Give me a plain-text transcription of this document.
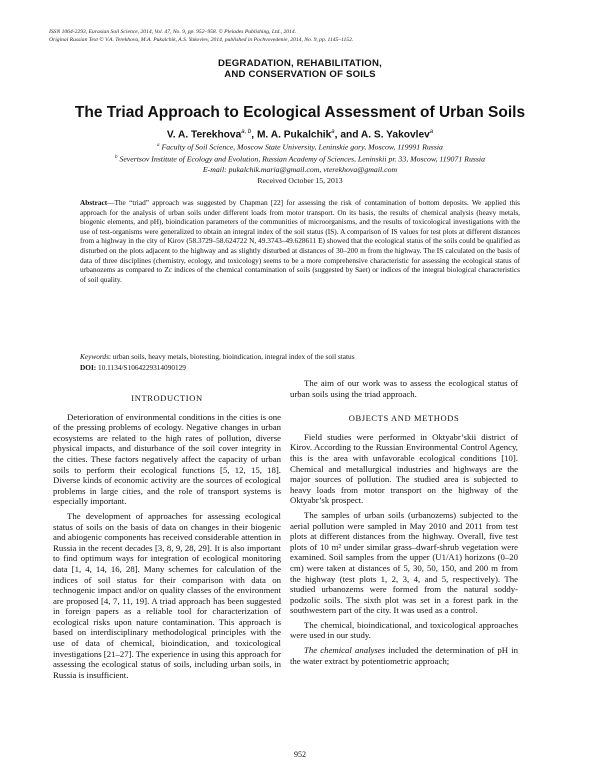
ISSN 1064-2293, Eurasian Soil Science, 2014, Vol. 47, No. 9, pp. 952–958. © Pleiades Publishing, Ltd., 2014.
Original Russian Text © V.A. Terekhova, M.A. Pukalchik, A.S. Yakovlev, 2014, published in Pochvovedenie, 2014, No. 9, pp. 1145–1152.
DEGRADATION, REHABILITATION,
AND CONSERVATION OF SOILS
The Triad Approach to Ecological Assessment of Urban Soils
V. A. Terekhova$^{a, b}$, M. A. Pukalchik$^a$, and A. S. Yakovlev$^a$
$^a$ Faculty of Soil Science, Moscow State University, Leninskie gory, Moscow, 119991 Russia
$^b$ Severtsov Institute of Ecology and Evolution, Russian Academy of Sciences, Leninskii pr. 33, Moscow, 119071 Russia
E-mail: pukalchik.maria@gmail.com, vterekhova@gmail.com
Received October 15, 2013
Abstract—The “triad” approach was suggested by Chapman [22] for assessing the risk of contamination of bottom deposits. We applied this approach for the analysis of urban soils under different loads from motor transport. On its basis, the results of chemical analysis (heavy metals, biogenic elements, and pH), bioindication parameters of the communities of microorganisms, and the results of toxicological investigations with the use of test-organisms were generalized to obtain an integral index of the soil status (IS). A comparison of IS values for test plots at different distances from a highway in the city of Kirov (58.3729–58.624722 N, 49.3743–49.628611 E) showed that the ecological status of the soils could be qualified as disturbed on the plots adjacent to the highway and as slightly disturbed at distances of 30–200 m from the highway. The IS calculated on the basis of data of three disciplines (chemistry, ecology, and toxicology) seems to be a more comprehensive characteristic for assessing the ecological status of urbanozems as compared to Zc indices of the chemical contamination of soils (suggested by Saet) or indices of the integral biological characteristics of soil quality.
Keywords: urban soils, heavy metals, biotesting, bioindication, integral index of the soil status
DOI: 10.1134/S1064229314090129
INTRODUCTION

Deterioration of environmental conditions in the cities is one of the pressing problems of ecology. Negative changes in urban ecosystems are related to the high rates of pollution, diverse physical impacts, and disturbance of the soil cover integrity in the cities. These factors negatively affect the capacity of urban soils to perform their ecological functions [5, 12, 15, 18]. Diverse kinds of economic activity are the sources of ecological problems in large cities, and the role of transport systems is especially important.

The development of approaches for assessing ecological status of soils on the basis of data on changes in their biogenic and abiogenic components has received considerable attention in Russia in the recent decades [3, 8, 9, 28, 29]. It is also important to find optimum ways for integration of ecological monitoring data [1, 4, 14, 16, 28]. Many schemes for calculation of the indices of soil status for their comparison with data on technogenic impact and/or on quality classes of the environment are proposed [4, 7, 11, 19]. A triad approach has been suggested in foreign papers as a reliable tool for characterization of ecological risks upon nature contamination. This approach is based on interdisciplinary methodological principles with the use of data of chemical, bioindication, and toxicological investigations [21–27]. The experience in using this approach for assessing the ecological status of soils, including urban soils, in Russia is insufficient.

The aim of our work was to assess the ecological status of urban soils using the triad approach.

OBJECTS AND METHODS

Field studies were performed in Oktyabr’skii district of Kirov. According to the Russian Environmental Control Agency, this is the area with unfavorable ecological conditions [10]. Chemical and metallurgical industries and highways are the major sources of pollution. The studied area is subjected to heavy loads from motor transport on the highway of the Oktyabr’sk prospect.

The samples of urban soils (urbanozems) subjected to the aerial pollution were sampled in May 2010 and 2011 from test plots at different distances from the highway. Overall, five test plots of 10 m² under similar grass–dwarf-shrub vegetation were examined. Soil samples from the upper (U1/A1) horizons (0–20 cm) were taken at distances of 5, 30, 50, 150, and 200 m from the highway (test plots 1, 2, 3, 4, and 5, respectively). The studied urbanozems were formed from the natural soddy-podzolic soils. The sixth plot was set in a forest park in the southwestern part of the city. It was used as a control.

The chemical, bioindicational, and toxicological approaches were used in our study.

The chemical analyses included the determination of pH in the water extract by potentiometric approach;

952
